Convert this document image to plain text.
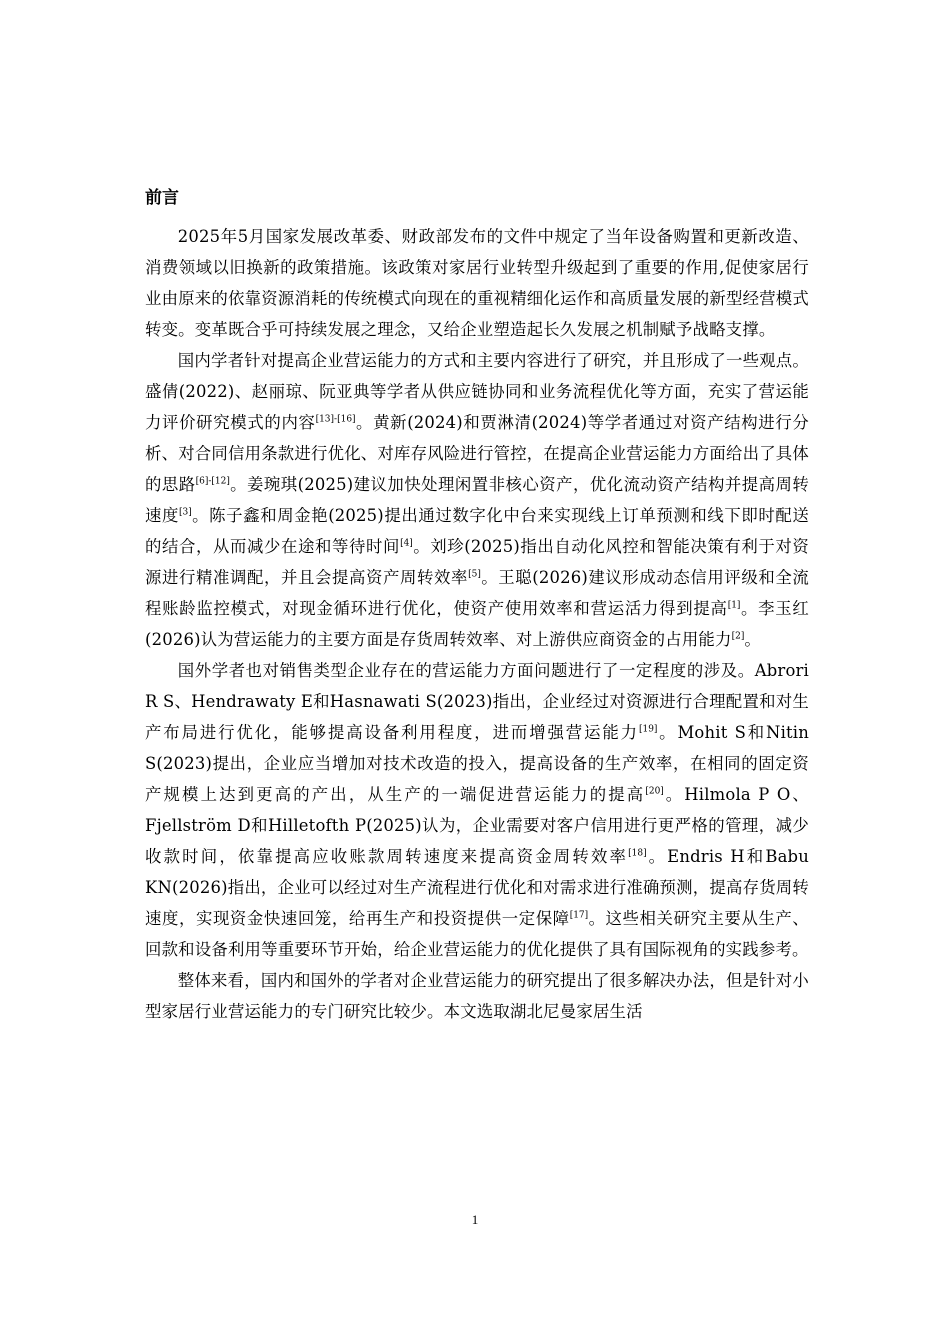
前言

2025年5月国家发展改革委、财政部发布的文件中规定了当年设备购置和更新改造、消费领域以旧换新的政策措施。该政策对家居行业转型升级起到了重要的作用,促使家居行业由原来的依靠资源消耗的传统模式向现在的重视精细化运作和高质量发展的新型经营模式转变。变革既合乎可持续发展之理念，又给企业塑造起长久发展之机制赋予战略支撑。

国内学者针对提高企业营运能力的方式和主要内容进行了研究，并且形成了一些观点。盛倩(2022)、赵丽琼、阮亚典等学者从供应链协同和业务流程优化等方面，充实了营运能力评价研究模式的内容[13]-[16]。黄新(2024)和贾淋清(2024)等学者通过对资产结构进行分析、对合同信用条款进行优化、对库存风险进行管控，在提高企业营运能力方面给出了具体的思路[6]-[12]。姜琬琪(2025)建议加快处理闲置非核心资产，优化流动资产结构并提高周转速度[3]。陈子鑫和周金艳(2025)提出通过数字化中台来实现线上订单预测和线下即时配送的结合，从而减少在途和等待时间[4]。刘珍(2025)指出自动化风控和智能决策有利于对资源进行精准调配，并且会提高资产周转效率[5]。王聪(2026)建议形成动态信用评级和全流程账龄监控模式，对现金循环进行优化，使资产使用效率和营运活力得到提高[1]。李玉红(2026)认为营运能力的主要方面是存货周转效率、对上游供应商资金的占用能力[2]。

国外学者也对销售类型企业存在的营运能力方面问题进行了一定程度的涉及。Abrori R S、Hendrawaty E和Hasnawati S(2023)指出，企业经过对资源进行合理配置和对生产布局进行优化，能够提高设备利用程度，进而增强营运能力[19]。Mohit S和Nitin S(2023)提出，企业应当增加对技术改造的投入，提高设备的生产效率，在相同的固定资产规模上达到更高的产出，从生产的一端促进营运能力的提高[20]。Hilmola P O、Fjellström D和Hilletofth P(2025)认为，企业需要对客户信用进行更严格的管理，减少收款时间，依靠提高应收账款周转速度来提高资金周转效率[18]。Endris H和Babu KN(2026)指出，企业可以经过对生产流程进行优化和对需求进行准确预测，提高存货周转速度，实现资金快速回笼，给再生产和投资提供一定保障[17]。这些相关研究主要从生产、回款和设备利用等重要环节开始，给企业营运能力的优化提供了具有国际视角的实践参考。

整体来看，国内和国外的学者对企业营运能力的研究提出了很多解决办法，但是针对小型家居行业营运能力的专门研究比较少。本文选取湖北尼曼家居生活

1
